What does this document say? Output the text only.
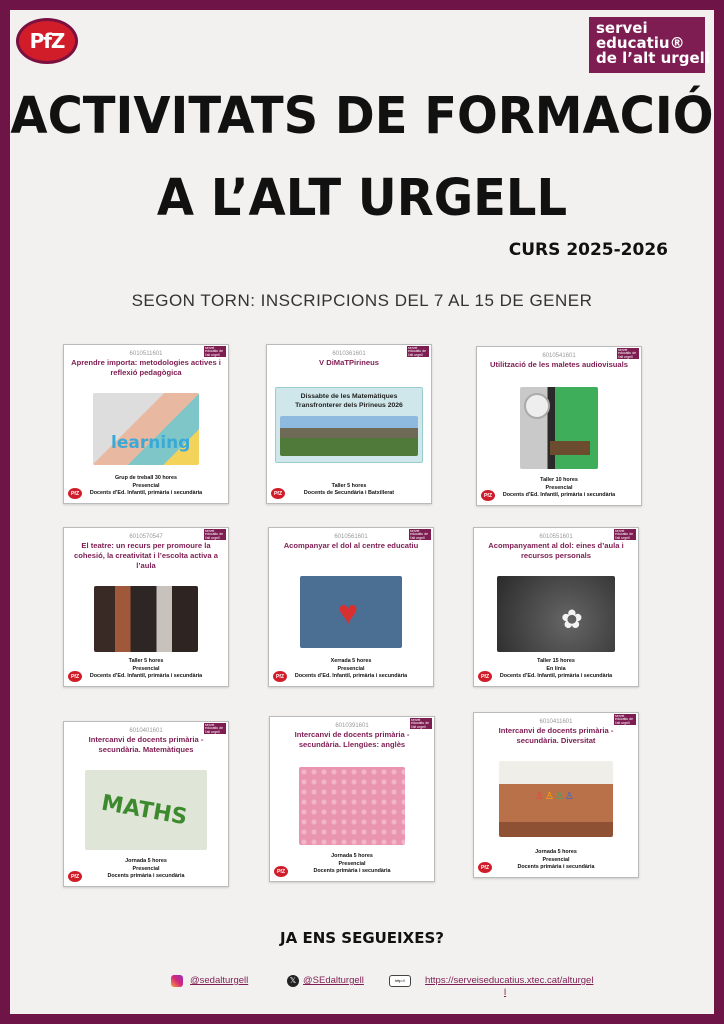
PfZ
servei
educatiu®
de l’alt urgell
ACTIVITATS DE FORMACIÓ
A L’ALT URGELL
CURS 2025-2026
SEGON TORN: INSCRIPCIONS DEL 7 AL 15 DE GENER
servei educatiu de l'alt urgell
6010511601
Aprendre importa: metodologies actives i reflexió pedagògica
learning
Grup de treball 30 hores
Presencial
Docents d’Ed. Infantil, primària i secundària
PfZ
servei educatiu de l'alt urgell
6010361601
V DiMaTPirineus
Dissabte de les Matemàtiques Transfronterer dels Pirineus 2026
Taller 5 hores
Docents de Secundària i Batxillerat
PfZ
servei educatiu de l'alt urgell
6010541601
Utilització de les maletes audiovisuals
Taller 10 hores
Presencial
Docents d’Ed. Infantil, primària i secundària
PfZ
servei educatiu de l'alt urgell
6010570547
El teatre: un recurs per promoure la cohesió, la creativitat i l’escolta activa a l’aula
Taller 5 hores
Presencial
Docents d’Ed. Infantil, primària i secundària
PfZ
servei educatiu de l'alt urgell
6010561601
Acompanyar el dol al centre educatiu
♥
Xerrada 5 hores
Presencial
Docents d’Ed. Infantil, primària i secundària
PfZ
servei educatiu de l'alt urgell
6010551601
Acompanyament al dol: eines d’aula i recursos personals
✿
Taller 15 hores
En línia
Docents d’Ed. Infantil, primària i secundària
PfZ
servei educatiu de l'alt urgell
6010401601
Intercanvi de docents primària - secundària. Matemàtiques
MATHS
Jornada 5 hores
Presencial
Docents primària i secundària
PfZ
servei educatiu de l'alt urgell
6010391601
Intercanvi de docents primària - secundària. Llengües: anglès
Jornada 5 hores
Presencial
Docents primària i secundària
PfZ
servei educatiu de l'alt urgell
6010411601
Intercanvi de docents primària - secundària. Diversitat
♙♙♙♙
Jornada 5 hores
Presencial
Docents primària i secundària
PfZ
JA ENS SEGUEIXES?
@sedalturgell	𝕏 @SEdalturgell	http://	https://serveiseducatius.xtec.cat/alturgel
l
